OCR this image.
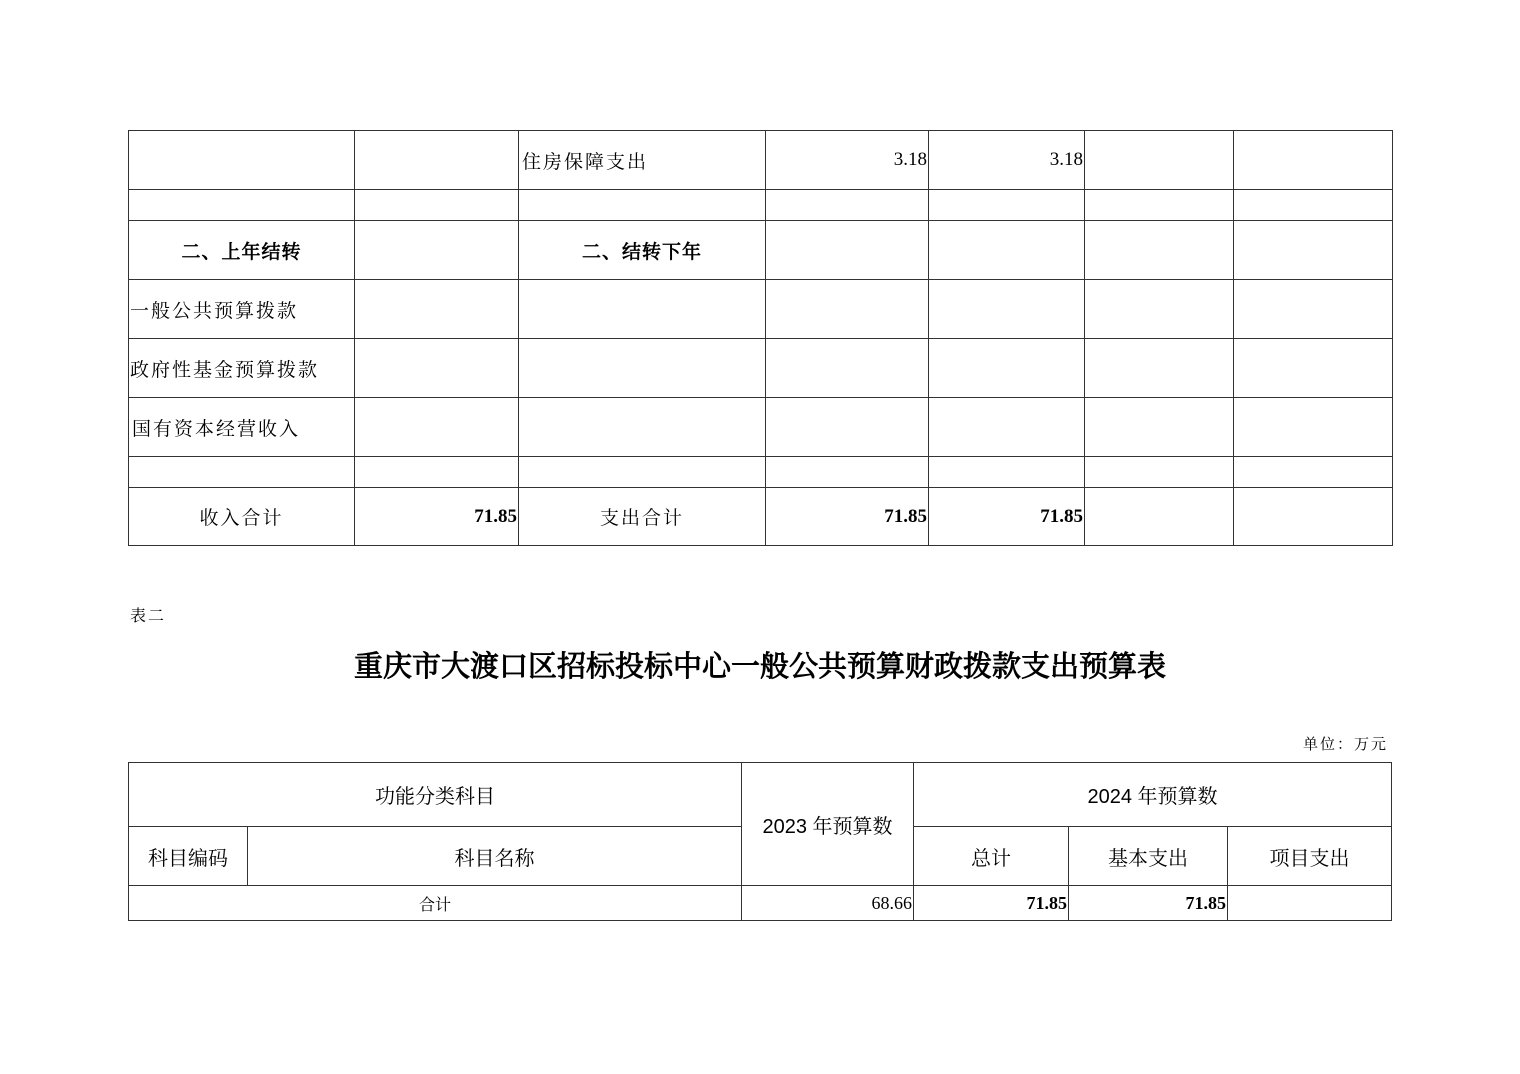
		住房保障支出	3.18	3.18		

二、上年结转		二、结转下年				
一般公共预算拨款						
政府性基金预算拨款						
国有资本经营收入						

收入合计	71.85	支出合计	71.85	71.85		
表二
重庆市大渡口区招标投标中心一般公共预算财政拨款支出预算表
单位：万元
功能分类科目		2023 年预算数	2024 年预算数		
科目编码	科目名称		总计	基本支出	项目支出
合计		68.66	71.85	71.85	
